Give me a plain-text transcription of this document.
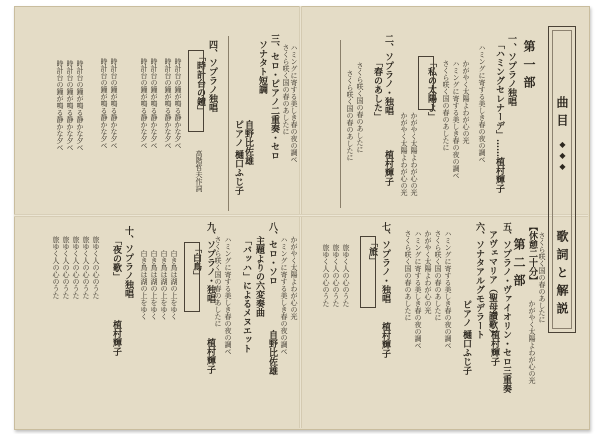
曲目
◆◆◆
歌詞と解説
第一部
一、ソプラノ独唱
「ハミングセレナーデ」……植村輝子
ハミングに寄する美しき春の夜の調べ
二、ソプラノ・独唱
植村輝子
「春のあした」	「私の太陽よ」
さくら咲く国の春のあしたに
さくら咲く国の春のあしたに	かがやく太陽よわが心の光
かがやく太陽よわが心の光
かがやく太陽よわが心の光
ハミングに寄する美しき春の夜の調べ
さくら咲く国の春のあしたに
【休憩二十分】
第二部
五、ソプラノ・ヴァイオリン・セロ三重奏
アヴェマリア（聖母讃歌）
植村輝子
六、ソナタアルグモデラート
ピアノ 樋口ふじ子
七、ソプラノ・独唱
「旅」
植村輝子
旅ゆく人の心のうた
旅ゆく人の心のうた
旅ゆく人の心のうた	ハミングに寄する美しき春の夜の調べ
さくら咲く国の春のあしたに
かがやく太陽よわが心の光
ハミングに寄する美しき春の夜の調べ
さくら咲く国の春のあしたに	さくら咲く国の春のあしたに
かがやく太陽よわが心の光
三、セロ・ピアノ二重奏・セロ
ソナタト短調
自野比佐雄
ピアノ 樋口ふじ子
四、ソプラノ独唱
「時計台の鐘」
高階哲夫作詞
時計台の鐘が鳴る静かな夕べ
時計台の鐘が鳴る静かな夕べ
時計台の鐘が鳴る静かな夕べ
時計台の鐘が鳴る静かな夕べ
時計台の鐘が鳴る静かな夕べ
時計台の鐘が鳴る静かな夕べ
時計台の鐘が鳴る静かな夕べ
時計台の鐘が鳴る静かな夕べ
時計台の鐘が鳴る静かな夕べ	ハミングに寄する美しき春の夜の調べ
さくら咲く国の春のあしたに
八、セロ・ソロ
自野比佐雄
主題よりの六変奏曲
「バッハ」によるメヌエット
九、ソプラノ・独唱
「白鳥」
植村輝子
白き鳥は湖の上をゆく
白き鳥は湖の上をゆく
白き鳥は湖の上をゆく
白き鳥は湖の上をゆく
十、ソプラノ独唱
「夜の歌」
植村輝子
旅ゆく人の心のうた
旅ゆく人の心のうた
旅ゆく人の心のうた
旅ゆく人の心のうた
旅ゆく人の心のうた	ハミングに寄する美しき春の夜の調べ
さくら咲く国の春のあしたに	かがやく太陽よわが心の光
ハミングに寄する美しき春の夜の調べ
